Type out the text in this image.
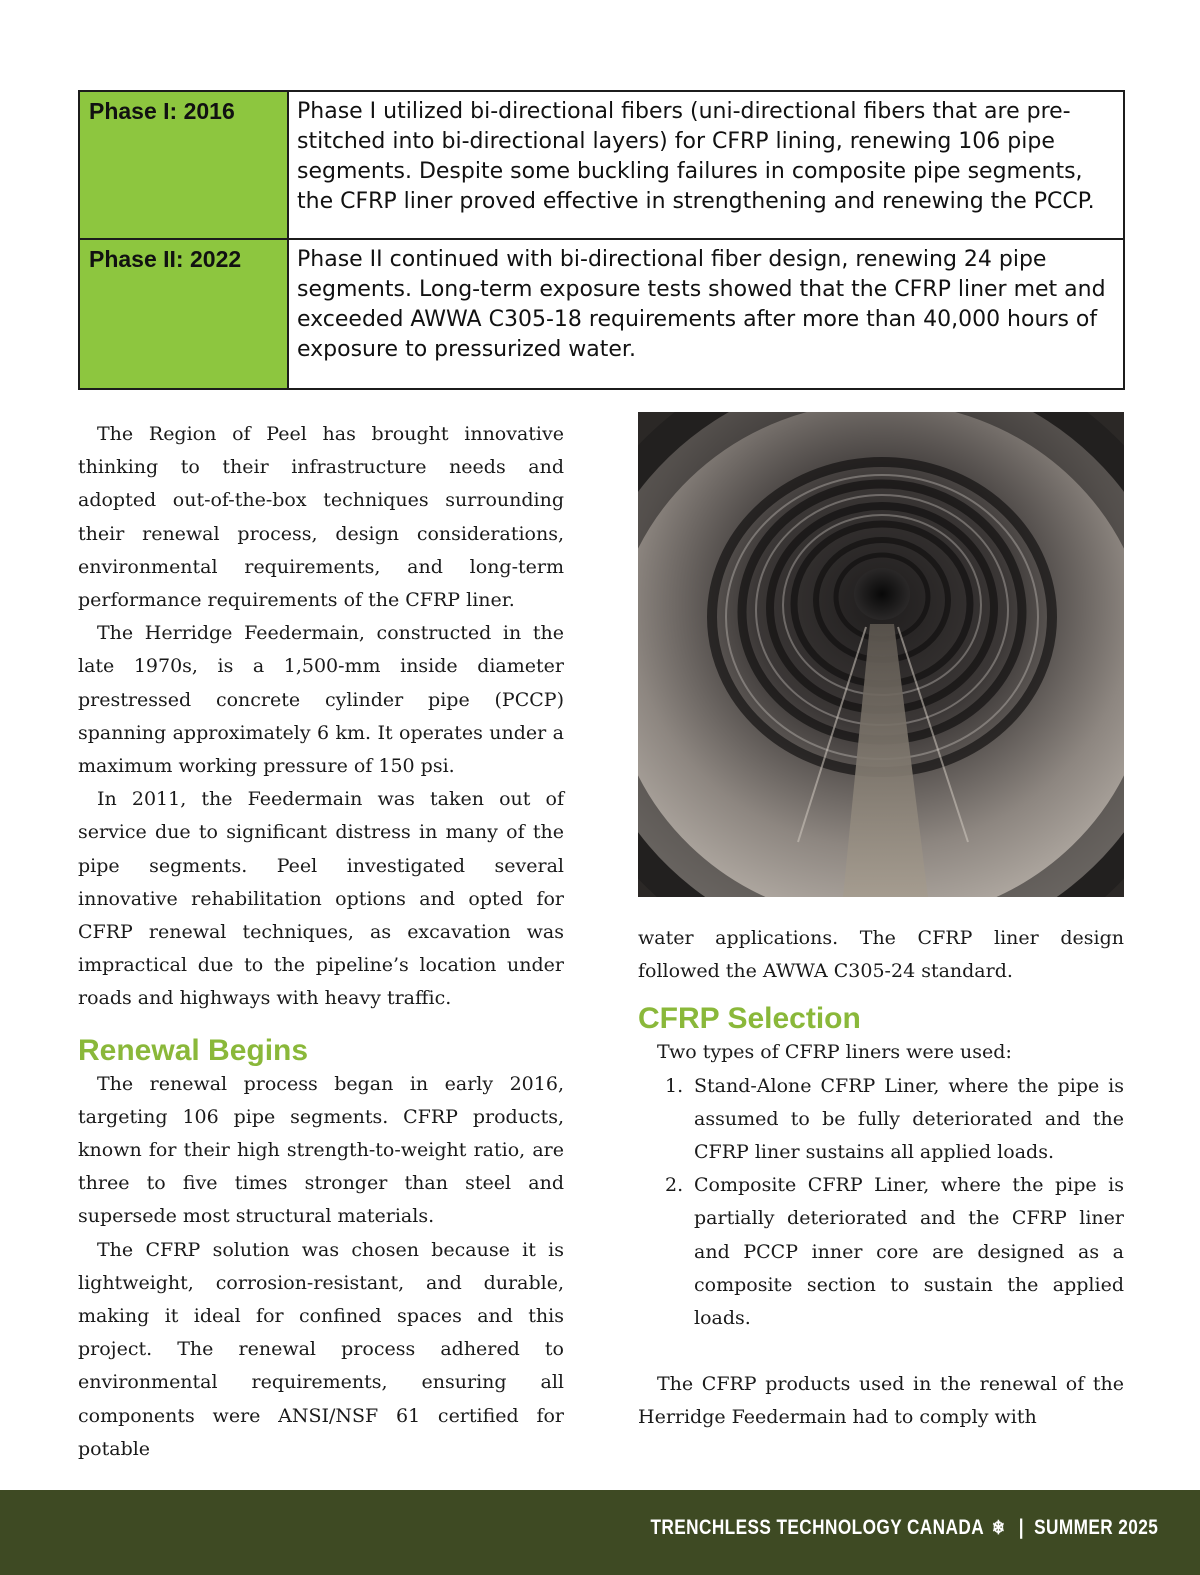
Phase I: 2016	Phase I utilized bi-directional fibers (uni-directional fibers that are pre-stitched into bi-directional layers) for CFRP lining, renewing 106 pipe segments. Despite some buckling failures in composite pipe segments, the CFRP liner proved effective in strengthening and renewing the PCCP.
Phase II: 2022	Phase II continued with bi-directional fiber design, renewing 24 pipe segments. Long-term exposure tests showed that the CFRP liner met and exceeded AWWA C305-18 requirements after more than 40,000 hours of exposure to pressurized water.

The Region of Peel has brought innovative thinking to their infrastructure needs and adopted out-of-the-box techniques surrounding their renewal process, design considerations, environmental requirements, and long-term performance requirements of the CFRP liner.

The Herridge Feedermain, constructed in the late 1970s, is a 1,500-mm inside diameter prestressed concrete cylinder pipe (PCCP) spanning approximately 6 km. It operates under a maximum working pressure of 150 psi.

In 2011, the Feedermain was taken out of service due to significant distress in many of the pipe segments. Peel investigated several innovative rehabilitation options and opted for CFRP renewal techniques, as excavation was impractical due to the pipeline’s location under roads and highways with heavy traffic.

Renewal Begins

The renewal process began in early 2016, targeting 106 pipe segments. CFRP products, known for their high strength-to-weight ratio, are three to five times stronger than steel and supersede most structural materials.

The CFRP solution was chosen because it is lightweight, corrosion-resistant, and durable, making it ideal for confined spaces and this project. The renewal process adhered to environmental requirements, ensuring all components were ANSI/NSF 61 certified for potable

water applications. The CFRP liner design followed the AWWA C305-24 standard.

CFRP Selection

Two types of CFRP liners were used:

1. Stand-Alone CFRP Liner, where the pipe is assumed to be fully deteriorated and the CFRP liner sustains all applied loads.
2. Composite CFRP Liner, where the pipe is partially deteriorated and the CFRP liner and PCCP inner core are designed as a composite section to sustain the applied loads.

The CFRP products used in the renewal of the Herridge Feedermain had to comply with

TRENCHLESS TECHNOLOGY CANADA ❄ | SUMMER 2025
